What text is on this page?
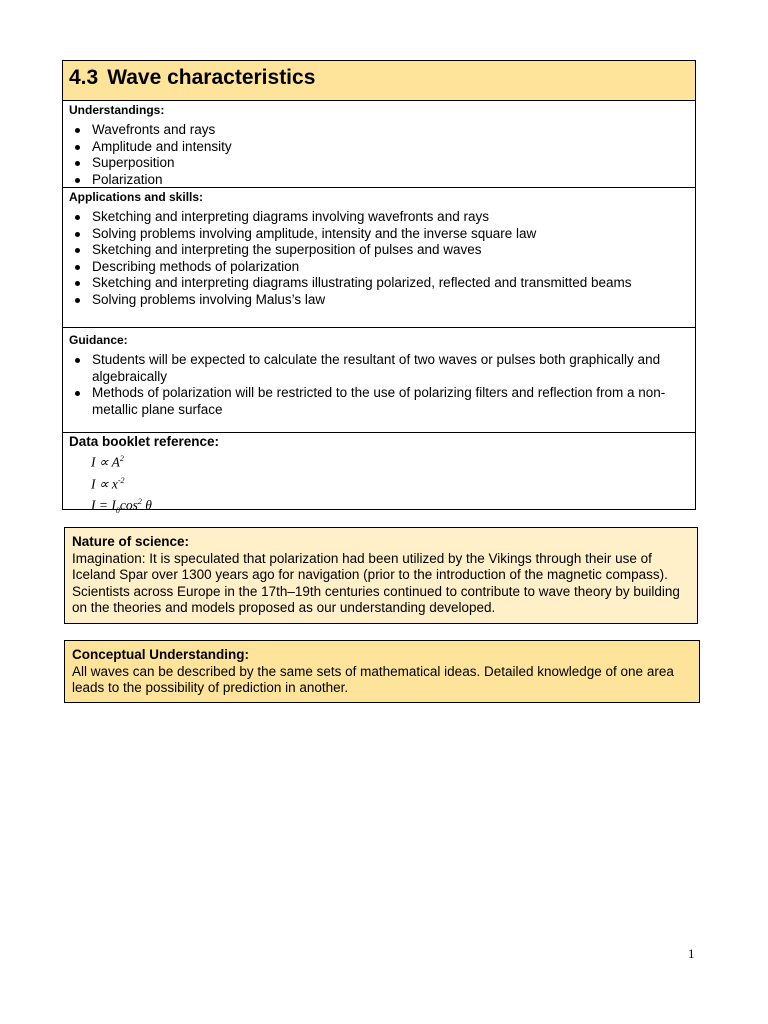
4.3 Wave characteristics
Understandings:
Wavefronts and rays
Amplitude and intensity
Superposition
Polarization
Applications and skills:
Sketching and interpreting diagrams involving wavefronts and rays
Solving problems involving amplitude, intensity and the inverse square law
Sketching and interpreting the superposition of pulses and waves
Describing methods of polarization
Sketching and interpreting diagrams illustrating polarized, reflected and transmitted beams
Solving problems involving Malus’s law
Guidance:
Students will be expected to calculate the resultant of two waves or pulses both graphically and algebraically
Methods of polarization will be restricted to the use of polarizing filters and reflection from a non-metallic plane surface
Data booklet reference:
$I \propto A^2$
$I \propto x^{-2}$
$I = I_0\cos^2$ θ
Nature of science:
Imagination: It is speculated that polarization had been utilized by the Vikings through their use of Iceland Spar over 1300 years ago for navigation (prior to the introduction of the magnetic compass). Scientists across Europe in the 17th–19th centuries continued to contribute to wave theory by building on the theories and models proposed as our understanding developed.
Conceptual Understanding:
All waves can be described by the same sets of mathematical ideas. Detailed knowledge of one area leads to the possibility of prediction in another.
1
